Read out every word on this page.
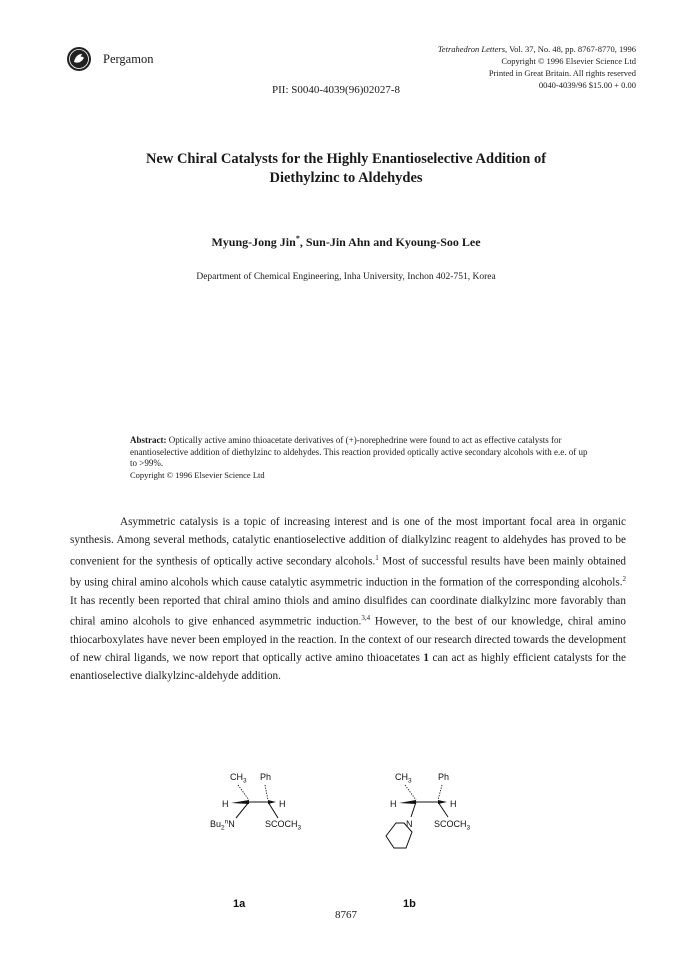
Pergamon
Tetrahedron Letters, Vol. 37, No. 48, pp. 8767-8770, 1996
Copyright © 1996 Elsevier Science Ltd
Printed in Great Britain. All rights reserved
0040-4039/96 $15.00 + 0.00
PII: S0040-4039(96)02027-8
New Chiral Catalysts for the Highly Enantioselective Addition of
Diethylzinc to Aldehydes
Myung-Jong Jin*, Sun-Jin Ahn and Kyoung-Soo Lee
Department of Chemical Engineering, Inha University, Inchon 402-751, Korea
Abstract: Optically active amino thioacetate derivatives of (+)-norephedrine were found to act as effective catalysts for enantioselective addition of diethylzinc to aldehydes. This reaction provided optically active secondary alcohols with e.e. of up to >99%.
Copyright © 1996 Elsevier Science Ltd
Asymmetric catalysis is a topic of increasing interest and is one of the most important focal area in organic synthesis. Among several methods, catalytic enantioselective addition of dialkylzinc reagent to aldehydes has proved to be convenient for the synthesis of optically active secondary alcohols.$^1$ Most of successful results have been mainly obtained by using chiral amino alcohols which cause catalytic asymmetric induction in the formation of the corresponding alcohols.$^2$ It has recently been reported that chiral amino thiols and amino disulfides can coordinate dialkylzinc more favorably than chiral amino alcohols to give enhanced asymmetric induction.$^{3,4}$ However, to the best of our knowledge, chiral amino thiocarboxylates have never been employed in the reaction. In the context of our research directed towards the development of new chiral ligands, we now report that optically active amino thioacetates 1 can act as highly efficient catalysts for the enantioselective dialkylzinc-aldehyde addition.
$CH_3$ Ph
H	H
$Bu_2^nN$	$SCOCH_3$
1a
$CH_3$	Ph
H	H
N $SCOCH_3$
1b
8767
